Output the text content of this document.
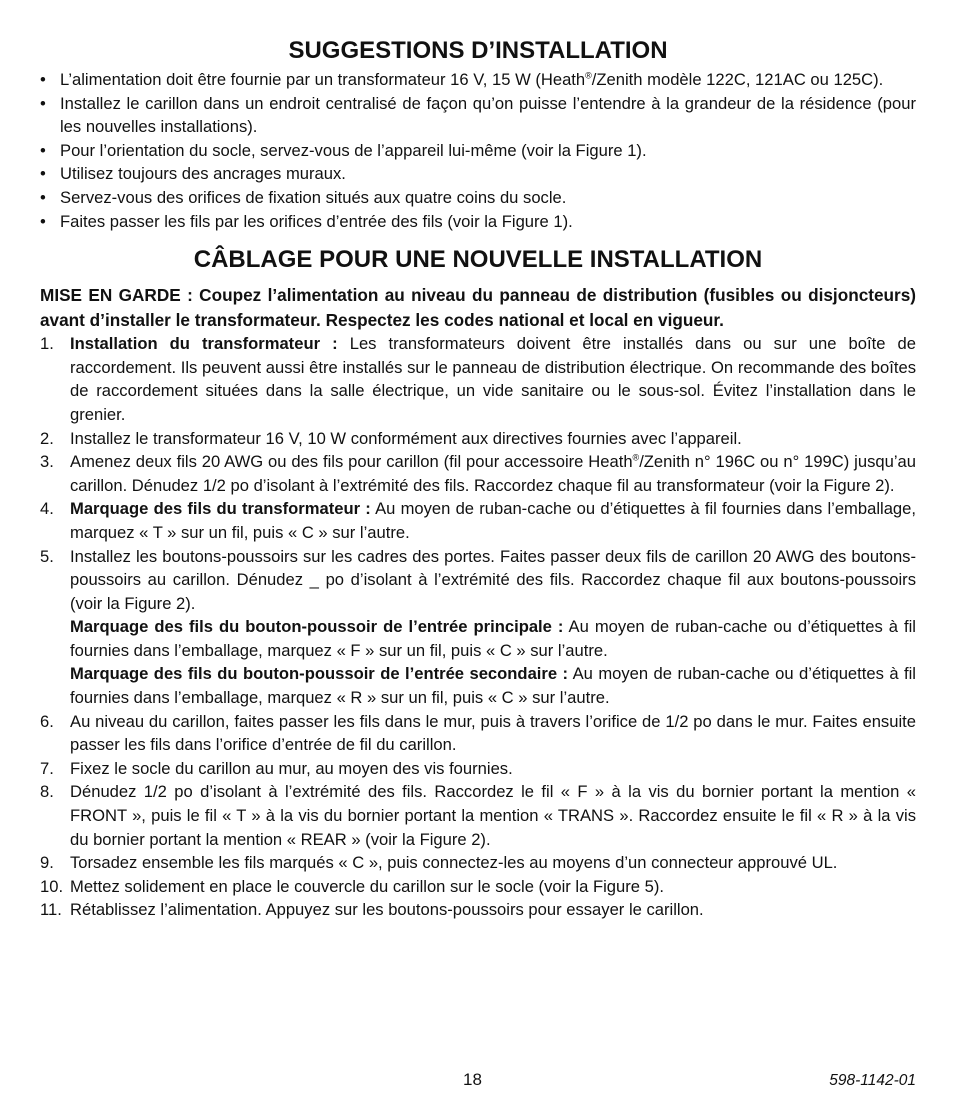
SUGGESTIONS D’INSTALLATION
• L’alimentation doit être fournie par un transformateur 16 V, 15 W (Heath®/Zenith modèle 122C, 121AC ou 125C).
• Installez le carillon dans un endroit centralisé de façon qu’on puisse l’entendre à la grandeur de la résidence (pour les nouvelles installations).
• Pour l’orientation du socle, servez-vous de l’appareil lui-même (voir la Figure 1).
• Utilisez toujours des ancrages muraux.
• Servez-vous des orifices de fixation situés aux quatre coins du socle.
• Faites passer les fils par les orifices d’entrée des fils (voir la Figure 1).
CÂBLAGE POUR UNE NOUVELLE INSTALLATION
MISE EN GARDE : Coupez l’alimentation au niveau du panneau de distribution (fusibles ou disjoncteurs) avant d’installer le transformateur. Respectez les codes national et local en vigueur.
1. Installation du transformateur : Les transformateurs doivent être installés dans ou sur une boîte de raccordement. Ils peuvent aussi être installés sur le panneau de distribution électrique. On recommande des boîtes de raccordement situées dans la salle électrique, un vide sanitaire ou le sous-sol. Évitez l’installation dans le grenier.
2. Installez le transformateur 16 V, 10 W conformément aux directives fournies avec l’appareil.
3. Amenez deux fils 20 AWG ou des fils pour carillon (fil pour accessoire Heath®/Zenith n° 196C ou n° 199C) jusqu’au carillon. Dénudez 1/2 po d’isolant à l’extrémité des fils. Raccordez chaque fil au transformateur (voir la Figure 2).
4. Marquage des fils du transformateur : Au moyen de ruban-cache ou d’étiquettes à fil fournies dans l’emballage, marquez « T » sur un fil, puis « C » sur l’autre.
5. Installez les boutons-poussoirs sur les cadres des portes. Faites passer deux fils de carillon 20 AWG des boutons-poussoirs au carillon. Dénudez _ po d’isolant à l’extrémité des fils. Raccordez chaque fil aux boutons-poussoirs (voir la Figure 2).
Marquage des fils du bouton-poussoir de l’entrée principale : Au moyen de ruban-cache ou d’étiquettes à fil fournies dans l’emballage, marquez « F » sur un fil, puis « C » sur l’autre.
Marquage des fils du bouton-poussoir de l’entrée secondaire : Au moyen de ruban-cache ou d’étiquettes à fil fournies dans l’emballage, marquez « R » sur un fil, puis « C » sur l’autre.
6. Au niveau du carillon, faites passer les fils dans le mur, puis à travers l’orifice de 1/2 po dans le mur. Faites ensuite passer les fils dans l’orifice d’entrée de fil du carillon.
7. Fixez le socle du carillon au mur, au moyen des vis fournies.
8. Dénudez 1/2 po d’isolant à l’extrémité des fils. Raccordez le fil « F » à la vis du bornier portant la mention « FRONT », puis le fil « T » à la vis du bornier portant la mention « TRANS ». Raccordez ensuite le fil « R » à la vis du bornier portant la mention « REAR » (voir la Figure 2).
9. Torsadez ensemble les fils marqués « C », puis connectez-les au moyens d’un connecteur approuvé UL.
10. Mettez solidement en place le couvercle du carillon sur le socle (voir la Figure 5).
11. Rétablissez l’alimentation. Appuyez sur les boutons-poussoirs pour essayer le carillon.
18	598-1142-01
